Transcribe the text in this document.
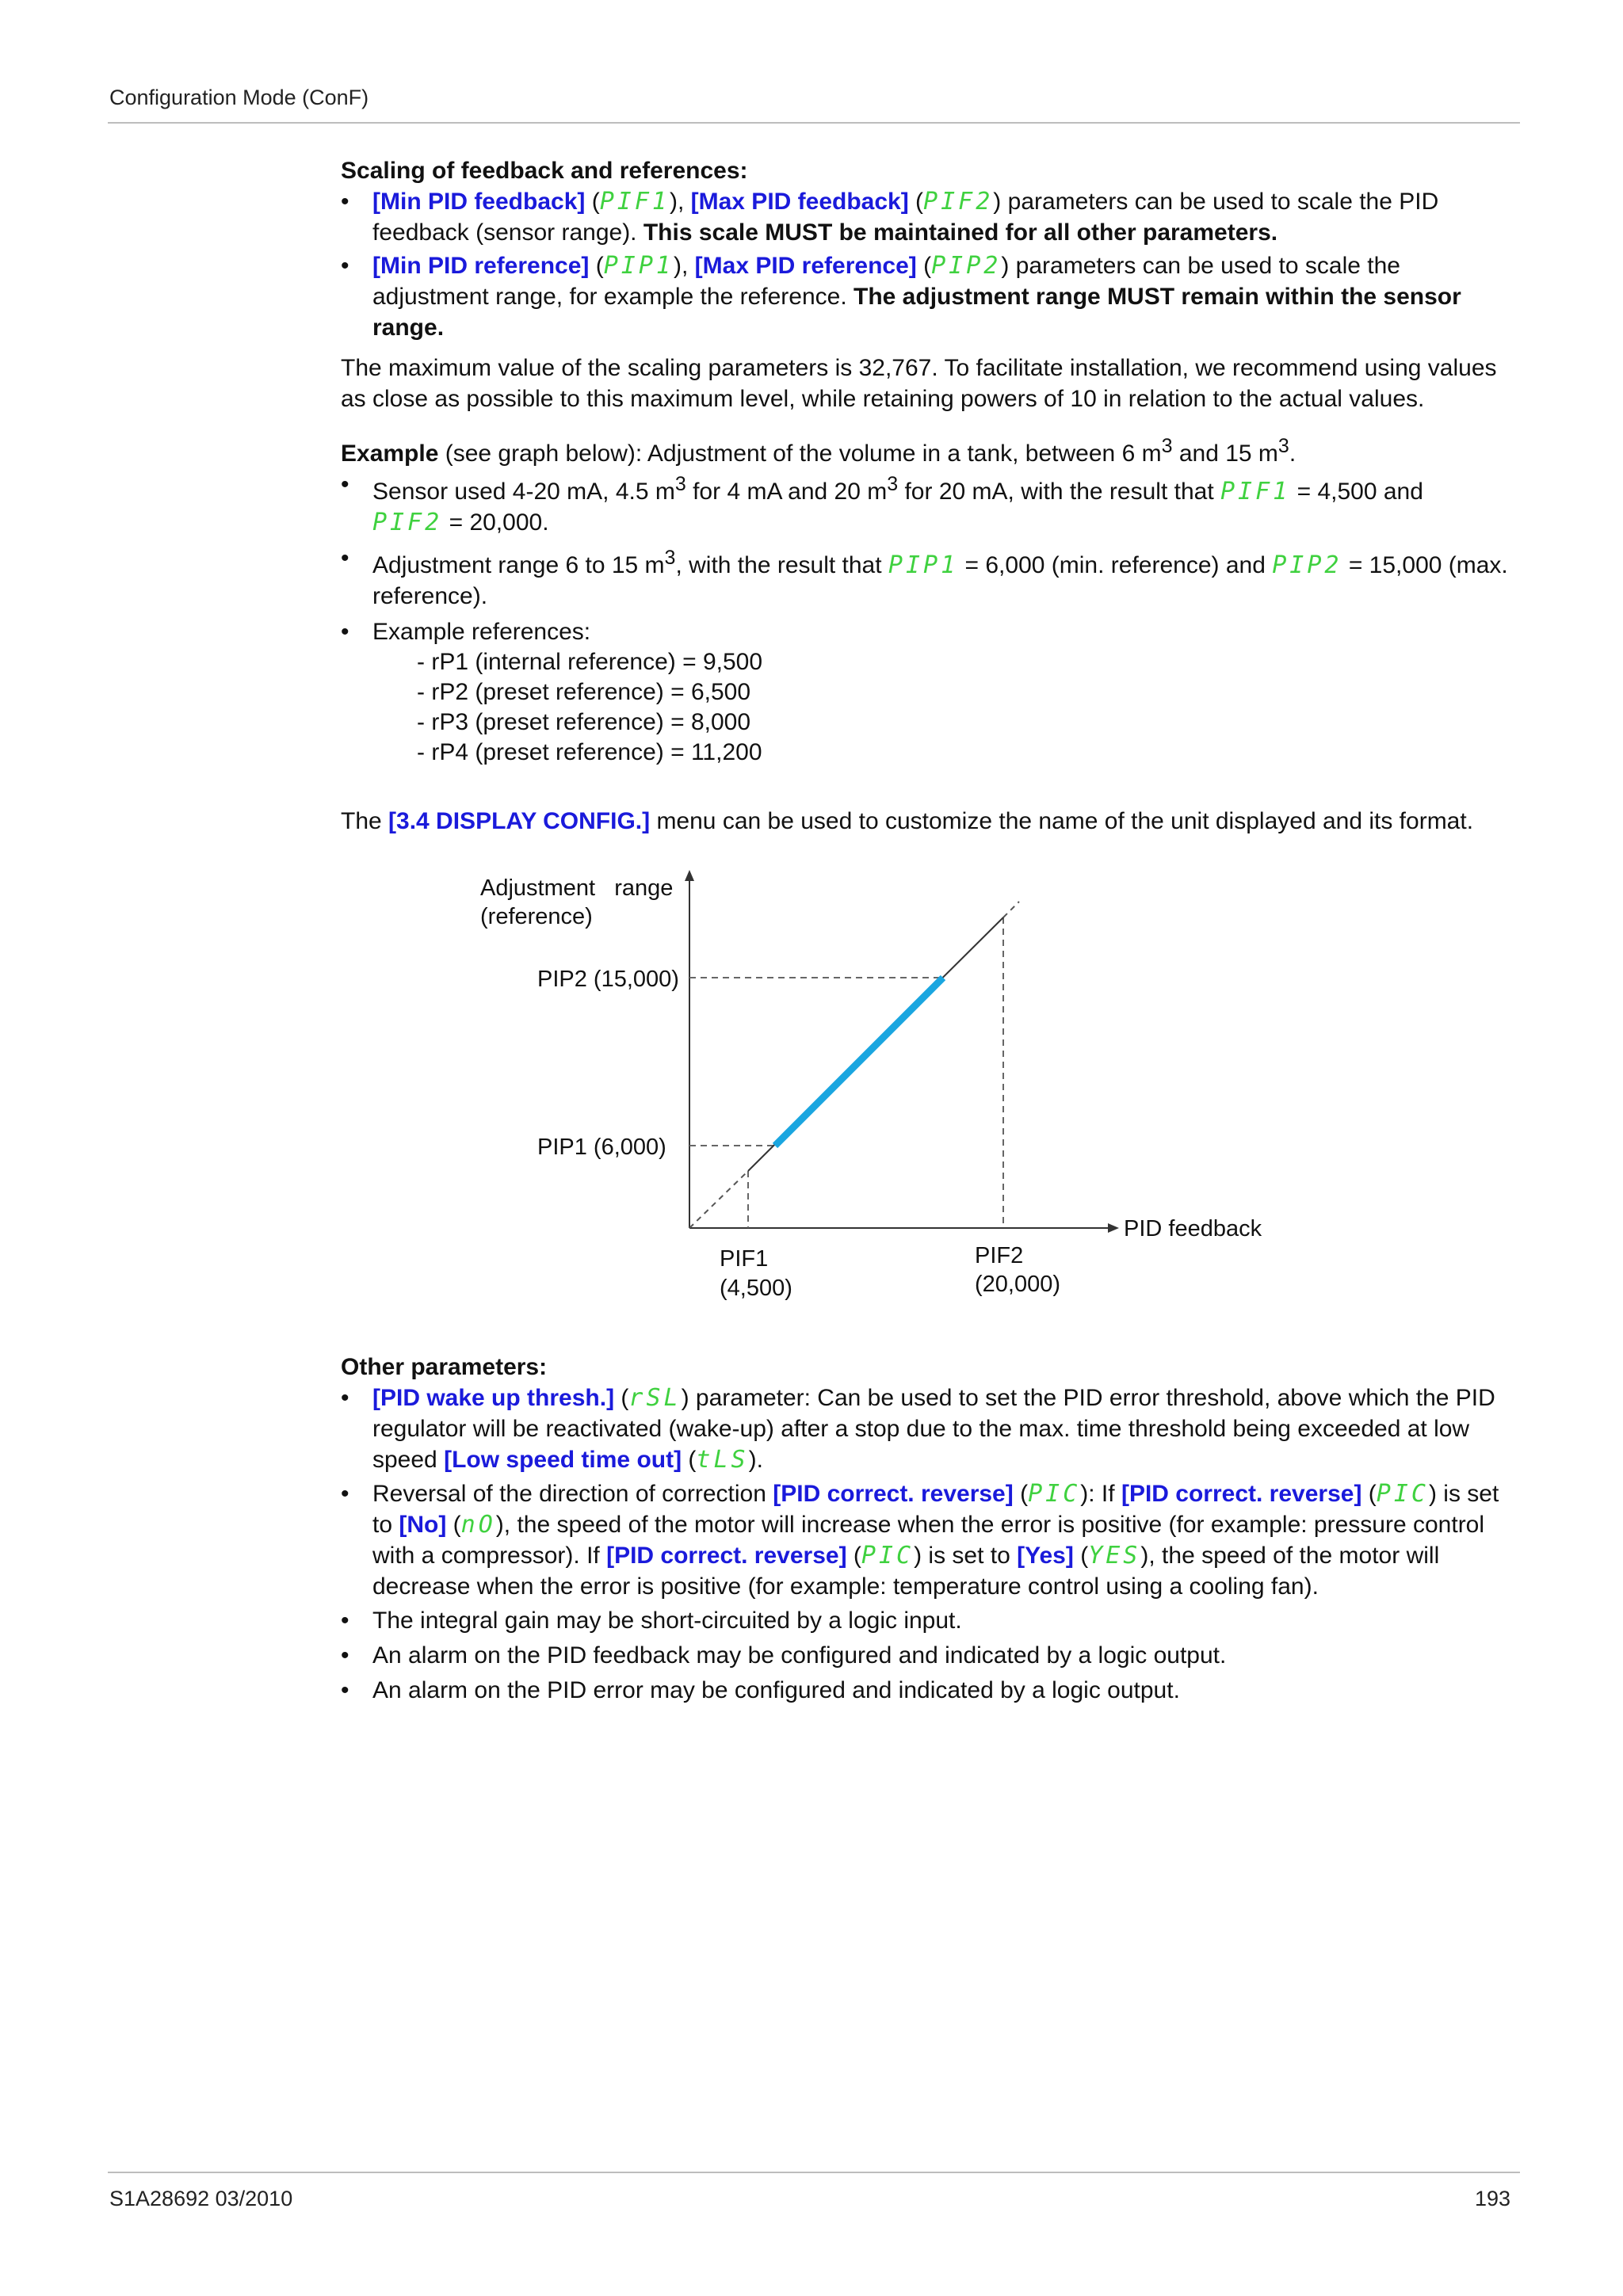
Configuration Mode (ConF)

Scaling of feedback and references:

• [Min PID feedback] (PIF1), [Max PID feedback] (PIF2) parameters can be used to scale the PID feedback (sensor range). This scale MUST be maintained for all other parameters.
• [Min PID reference] (PIP1), [Max PID reference] (PIP2) parameters can be used to scale the adjustment range, for example the reference. The adjustment range MUST remain within the sensor range.

The maximum value of the scaling parameters is 32,767. To facilitate installation, we recommend using values as close as possible to this maximum level, while retaining powers of 10 in relation to the actual values.

Example (see graph below): Adjustment of the volume in a tank, between 6 $m^3$ and 15 $m^3$.

• Sensor used 4-20 mA, 4.5 $m^3$ for 4 mA and 20 $m^3$ for 20 mA, with the result that PIF1 = 4,500 and
PIF2 = 20,000.
• Adjustment range 6 to 15 $m^3$, with the result that PIP1 = 6,000 (min. reference) and PIP2 = 15,000 (max. reference).
• Example references:
- rP1 (internal reference) = 9,500
- rP2 (preset reference) = 6,500
- rP3 (preset reference) = 8,000
- rP4 (preset reference) = 11,200

The [3.4 DISPLAY CONFIG.] menu can be used to customize the name of the unit displayed and its format.

Adjustment   range
(reference)
PIP2 (15,000)
PIP1 (6,000)
PID feedback
PIF1
(4,500)
PIF2
(20,000)

Other parameters:

• [PID wake up thresh.] (rSL) parameter: Can be used to set the PID error threshold, above which the PID regulator will be reactivated (wake-up) after a stop due to the max. time threshold being exceeded at low speed [Low speed time out] (tLS).
• Reversal of the direction of correction [PID correct. reverse] (PIC): If [PID correct. reverse] (PIC) is set to [No] (nO), the speed of the motor will increase when the error is positive (for example: pressure control with a compressor). If [PID correct. reverse] (PIC) is set to [Yes] (YES), the speed of the motor will decrease when the error is positive (for example: temperature control using a cooling fan).
• The integral gain may be short-circuited by a logic input.
• An alarm on the PID feedback may be configured and indicated by a logic output.
• An alarm on the PID error may be configured and indicated by a logic output.
S1A28692 03/2010	193
